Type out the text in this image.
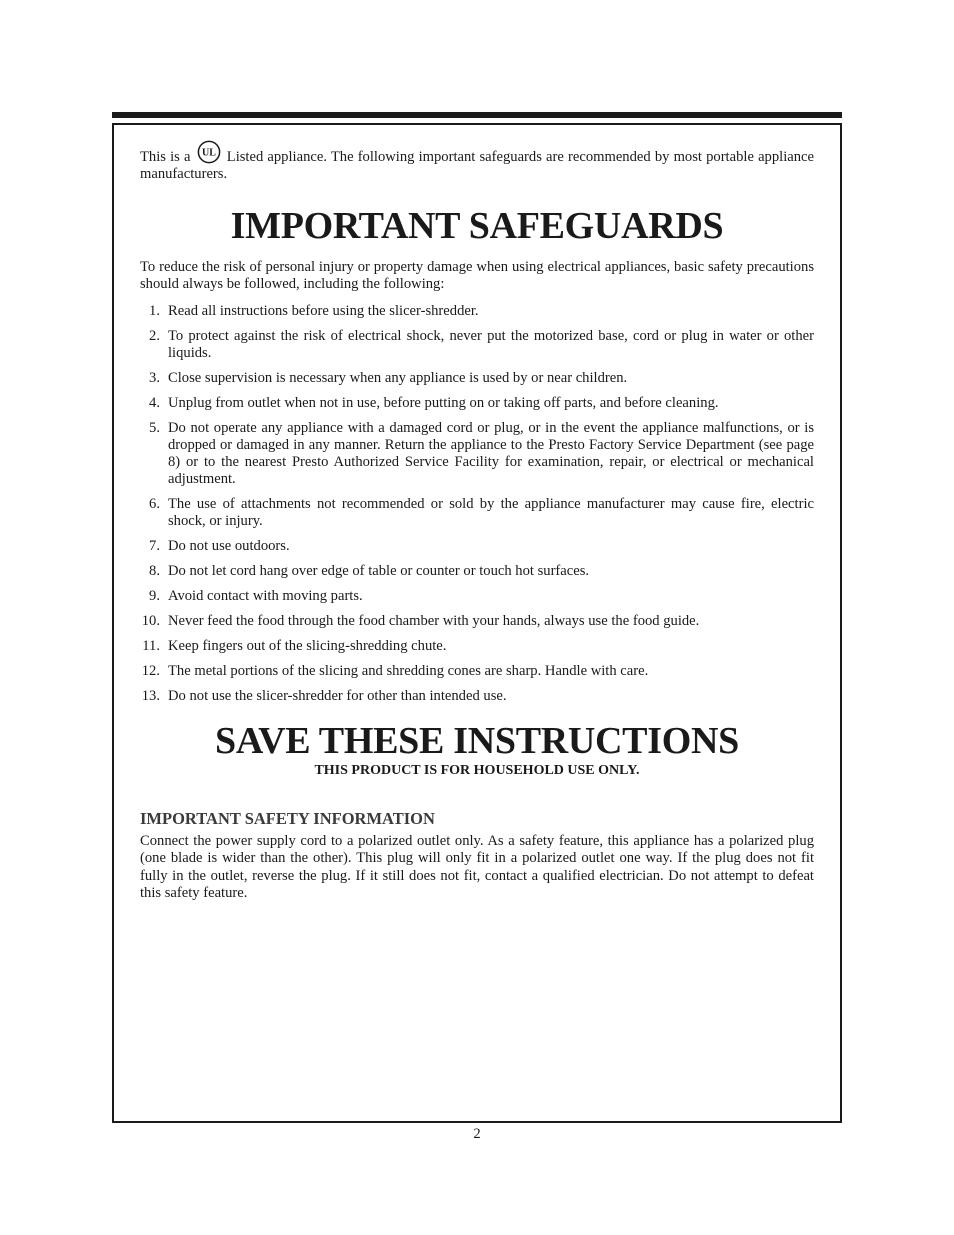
This is a UL Listed appliance. The following important safeguards are recommended by most portable appliance manufacturers.

IMPORTANT SAFEGUARDS

To reduce the risk of personal injury or property damage when using electrical appliances, basic safety precautions should always be followed, including the following:

1. Read all instructions before using the slicer-shredder.
2. To protect against the risk of electrical shock, never put the motorized base, cord or plug in water or other liquids.
3. Close supervision is necessary when any appliance is used by or near children.
4. Unplug from outlet when not in use, before putting on or taking off parts, and before cleaning.
5. Do not operate any appliance with a damaged cord or plug, or in the event the appliance malfunctions, or is dropped or damaged in any manner. Return the appliance to the Presto Factory Service Department (see page 8) or to the nearest Presto Authorized Service Facility for examination, repair, or electrical or mechanical adjustment.
6. The use of attachments not recommended or sold by the appliance manufacturer may cause fire, electric shock, or injury.
7. Do not use outdoors.
8. Do not let cord hang over edge of table or counter or touch hot surfaces.
9. Avoid contact with moving parts.
10. Never feed the food through the food chamber with your hands, always use the food guide.
11. Keep fingers out of the slicing-shredding chute.
12. The metal portions of the slicing and shredding cones are sharp. Handle with care.
13. Do not use the slicer-shredder for other than intended use.
SAVE THESE INSTRUCTIONS

THIS PRODUCT IS FOR HOUSEHOLD USE ONLY.

IMPORTANT SAFETY INFORMATION

Connect the power supply cord to a polarized outlet only. As a safety feature, this appliance has a polarized plug (one blade is wider than the other). This plug will only fit in a polarized outlet one way. If the plug does not fit fully in the outlet, reverse the plug. If it still does not fit, contact a qualified electrician. Do not attempt to defeat this safety feature.

2
